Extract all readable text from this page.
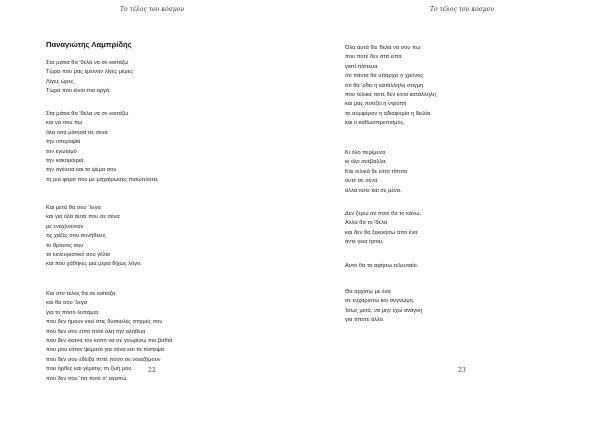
Το τέλος του κόσμου
Παναγιώτης Λαμπρίδης
Στα μάτια θα 'θελα να σε κοιτάζω
Τώρα που μας έμειναν λίγες μέρες
Λίγες ώρες
Τώρα που είναι πια αργά.
Στα μάτια θα 'θελα να σε κοιτάζω
και να σου πω
όλα όσα μίσησα σε σένα
την υπεροψία
τον εγωισμό
την κακομοιριά
την αγένεια και το ψέμα σου
τη μια φορά που με μαχαίρωσες πισώπλατα.
Και μετά θα σου 'λεγα
και για όλα αυτά που σε σένα
με ενοχλούσαν
τις χαζές σου συνήθειες
το θράσος σου
το εκνευριστικό σου γέλιο
και που χάθηκες μια μέρα δίχως λόγο.
Και στο τέλος θα σε κοίταζα
και θα σου 'λεγα
για το πόσο λυπάμαι.
που δεν ήμουν εκεί στις δύσκολές στιγμές σου
που δεν σου είπα ποτέ όλη την αλήθεια
που δεν έκανα τον κόπο να σε γνωρίσω πιο βαθιά
που μου είπαν ψέματα για σένα και τα πίστεψα
που δεν σου έδειξα ποτέ πόσο σε νοιαζόμουν
που ήρθες και γέμισες τη ζωή μου
που δεν σου 'πα ποτέ σ' αγαπώ.
22
Το τέλος του κόσμου
Όλα αυτά θα 'θελα να σου πω
που ποτέ δεν στα είπα
γιατί πίστευα
ότι πάντα θα υπάρχει ο χρόνος
ότι θα 'ρθει η κατάλληλη στιγμή
που τελικά ποτέ δεν είναι κατάλληλη
και μας ποτίζει η ντροπή
το συμφέρον η αδιαφορία η δειλία
και ο καθωσπρεπισμός.
Κι όλο περίμενα
κι όλο ανέβαλλα
Και τελικά δε είπα τίποτα
ούτε σε σένα
αλλά ούτε και σε μένα.
Δεν ξέρω αν ποτέ θα το κάνω.
Αλλά θα το 'θελα
και δεν θα ξεκινήσω από ένα
άντε γεια ήσου.
Αυτό θα το αφήσω τελευταίο.
Θα αρχίσω με ένα
σε ευχαριστώ και συγνώμη.
Ίσως μετά, να μην έχω ανάγκη
για τίποτε άλλο.
23
